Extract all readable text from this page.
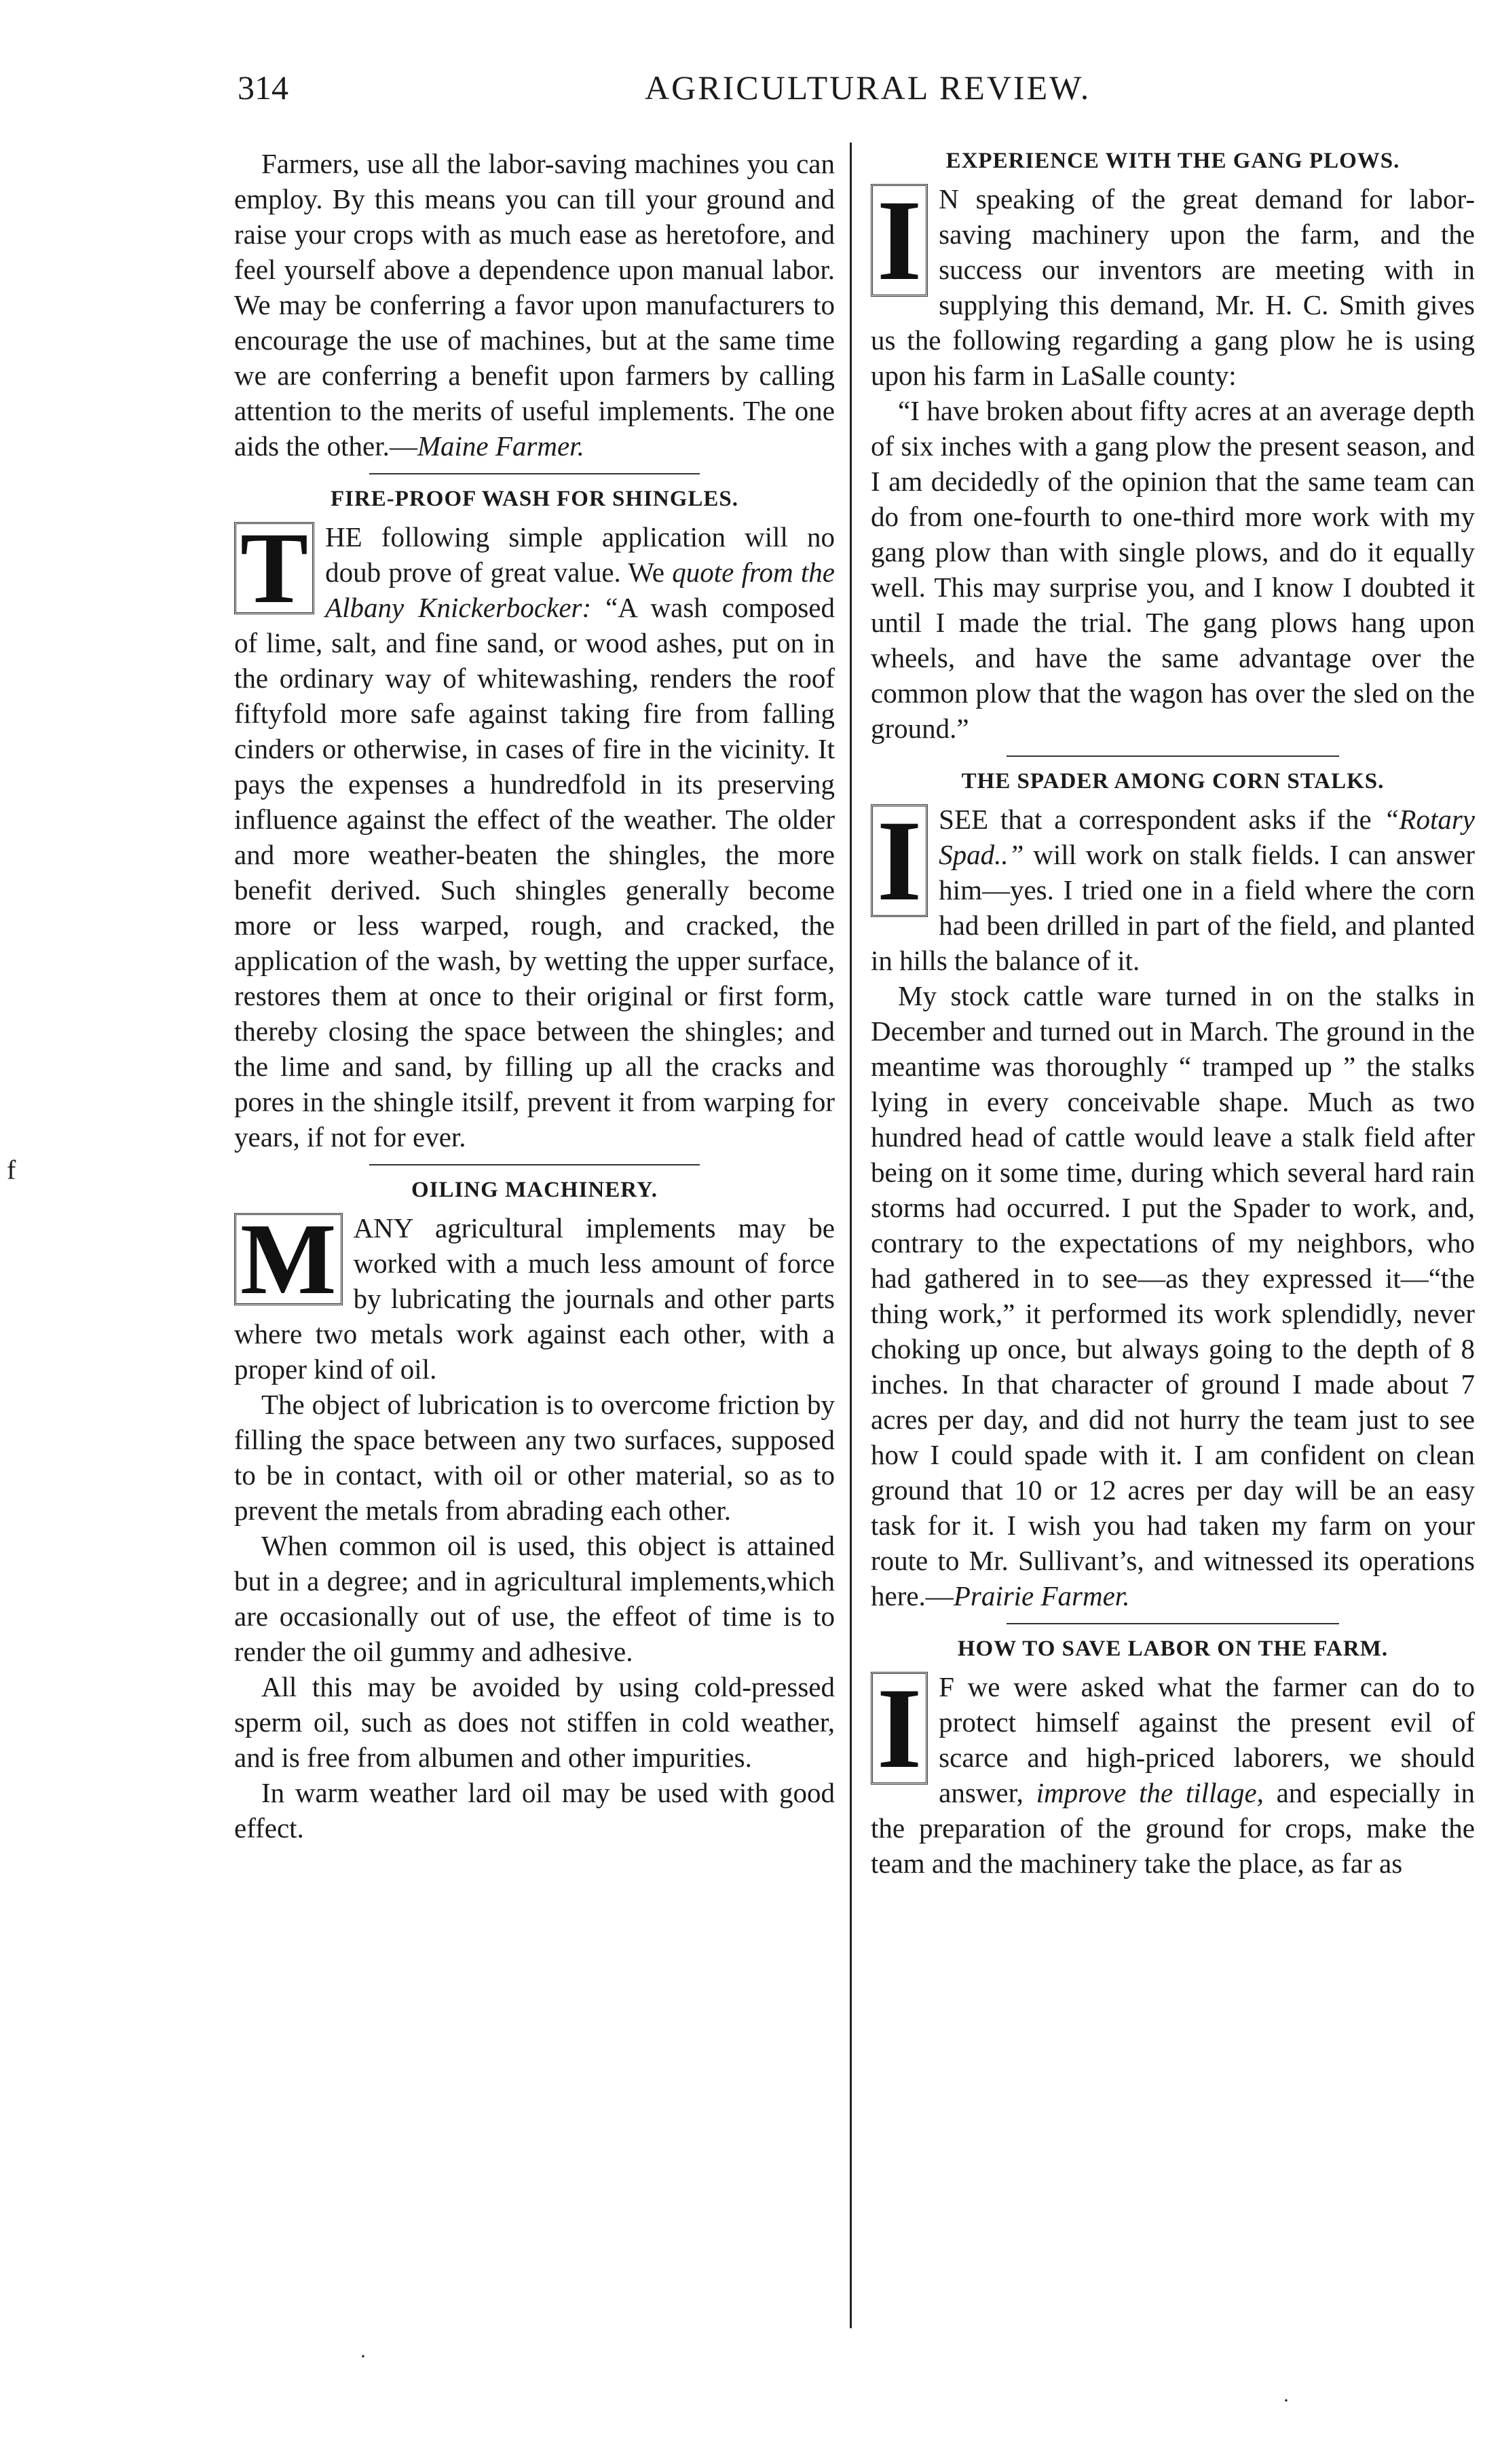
314	AGRICULTURAL REVIEW.
f

Farmers, use all the labor-saving machines you can employ. By this means you can till your ground and raise your crops with as much ease as heretofore, and feel yourself above a dependence upon manual labor. We may be conferring a favor upon manufacturers to encourage the use of machines, but at the same time we are conferring a benefit upon farmers by calling attention to the merits of useful implements. The one aids the other.—Maine Farmer.

FIRE-PROOF WASH FOR SHINGLES.

T HE following simple application will no doub prove of great value. We quote from the Albany Knickerbocker: “A wash composed of lime, salt, and fine sand, or wood ashes, put on in the ordinary way of whitewashing, renders the roof fiftyfold more safe against taking fire from falling cinders or otherwise, in cases of fire in the vicinity. It pays the expenses a hundredfold in its preserving influence against the effect of the weather. The older and more weather-beaten the shingles, the more benefit derived. Such shingles generally become more or less warped, rough, and cracked, the application of the wash, by wetting the upper surface, restores them at once to their original or first form, thereby closing the space between the shingles; and the lime and sand, by filling up all the cracks and pores in the shingle itsilf, prevent it from warping for years, if not for ever.

OILING MACHINERY.

M ANY agricultural implements may be worked with a much less amount of force by lubricating the journals and other parts where two metals work against each other, with a proper kind of oil.

The object of lubrication is to overcome friction by filling the space between any two surfaces, supposed to be in contact, with oil or other material, so as to prevent the metals from abrading each other.

When common oil is used, this object is attained but in a degree; and in agricultural implements,which are occasionally out of use, the effeot of time is to render the oil gummy and adhesive.

All this may be avoided by using cold-pressed sperm oil, such as does not stiffen in cold weather, and is free from albumen and other impurities.

In warm weather lard oil may be used with good effect.

EXPERIENCE WITH THE GANG PLOWS.

I N speaking of the great demand for labor-saving machinery upon the farm, and the success our inventors are meeting with in supplying this demand, Mr. H. C. Smith gives us the following regarding a gang plow he is using upon his farm in LaSalle county:

“I have broken about fifty acres at an average depth of six inches with a gang plow the present season, and I am decidedly of the opinion that the same team can do from one-fourth to one-third more work with my gang plow than with single plows, and do it equally well. This may surprise you, and I know I doubted it until I made the trial. The gang plows hang upon wheels, and have the same advantage over the common plow that the wagon has over the sled on the ground.”

THE SPADER AMONG CORN STALKS.

I SEE that a correspondent asks if the “Rotary Spad..” will work on stalk fields. I can answer him—yes. I tried one in a field where the corn had been drilled in part of the field, and planted in hills the balance of it.

My stock cattle ware turned in on the stalks in December and turned out in March. The ground in the meantime was thoroughly “ tramped up ” the stalks lying in every conceivable shape. Much as two hundred head of cattle would leave a stalk field after being on it some time, during which several hard rain storms had occurred. I put the Spader to work, and, contrary to the expectations of my neighbors, who had gathered in to see—as they expressed it—“the thing work,” it performed its work splendidly, never choking up once, but always going to the depth of 8 inches. In that character of ground I made about 7 acres per day, and did not hurry the team just to see how I could spade with it. I am confident on clean ground that 10 or 12 acres per day will be an easy task for it. I wish you had taken my farm on your route to Mr. Sullivant’s, and witnessed its operations here.—Prairie Farmer.

HOW TO SAVE LABOR ON THE FARM.

I F we were asked what the farmer can do to protect himself against the present evil of scarce and high-priced laborers, we should answer, improve the tillage, and especially in the preparation of the ground for crops, make the team and the machinery take the place, as far as

·
·
